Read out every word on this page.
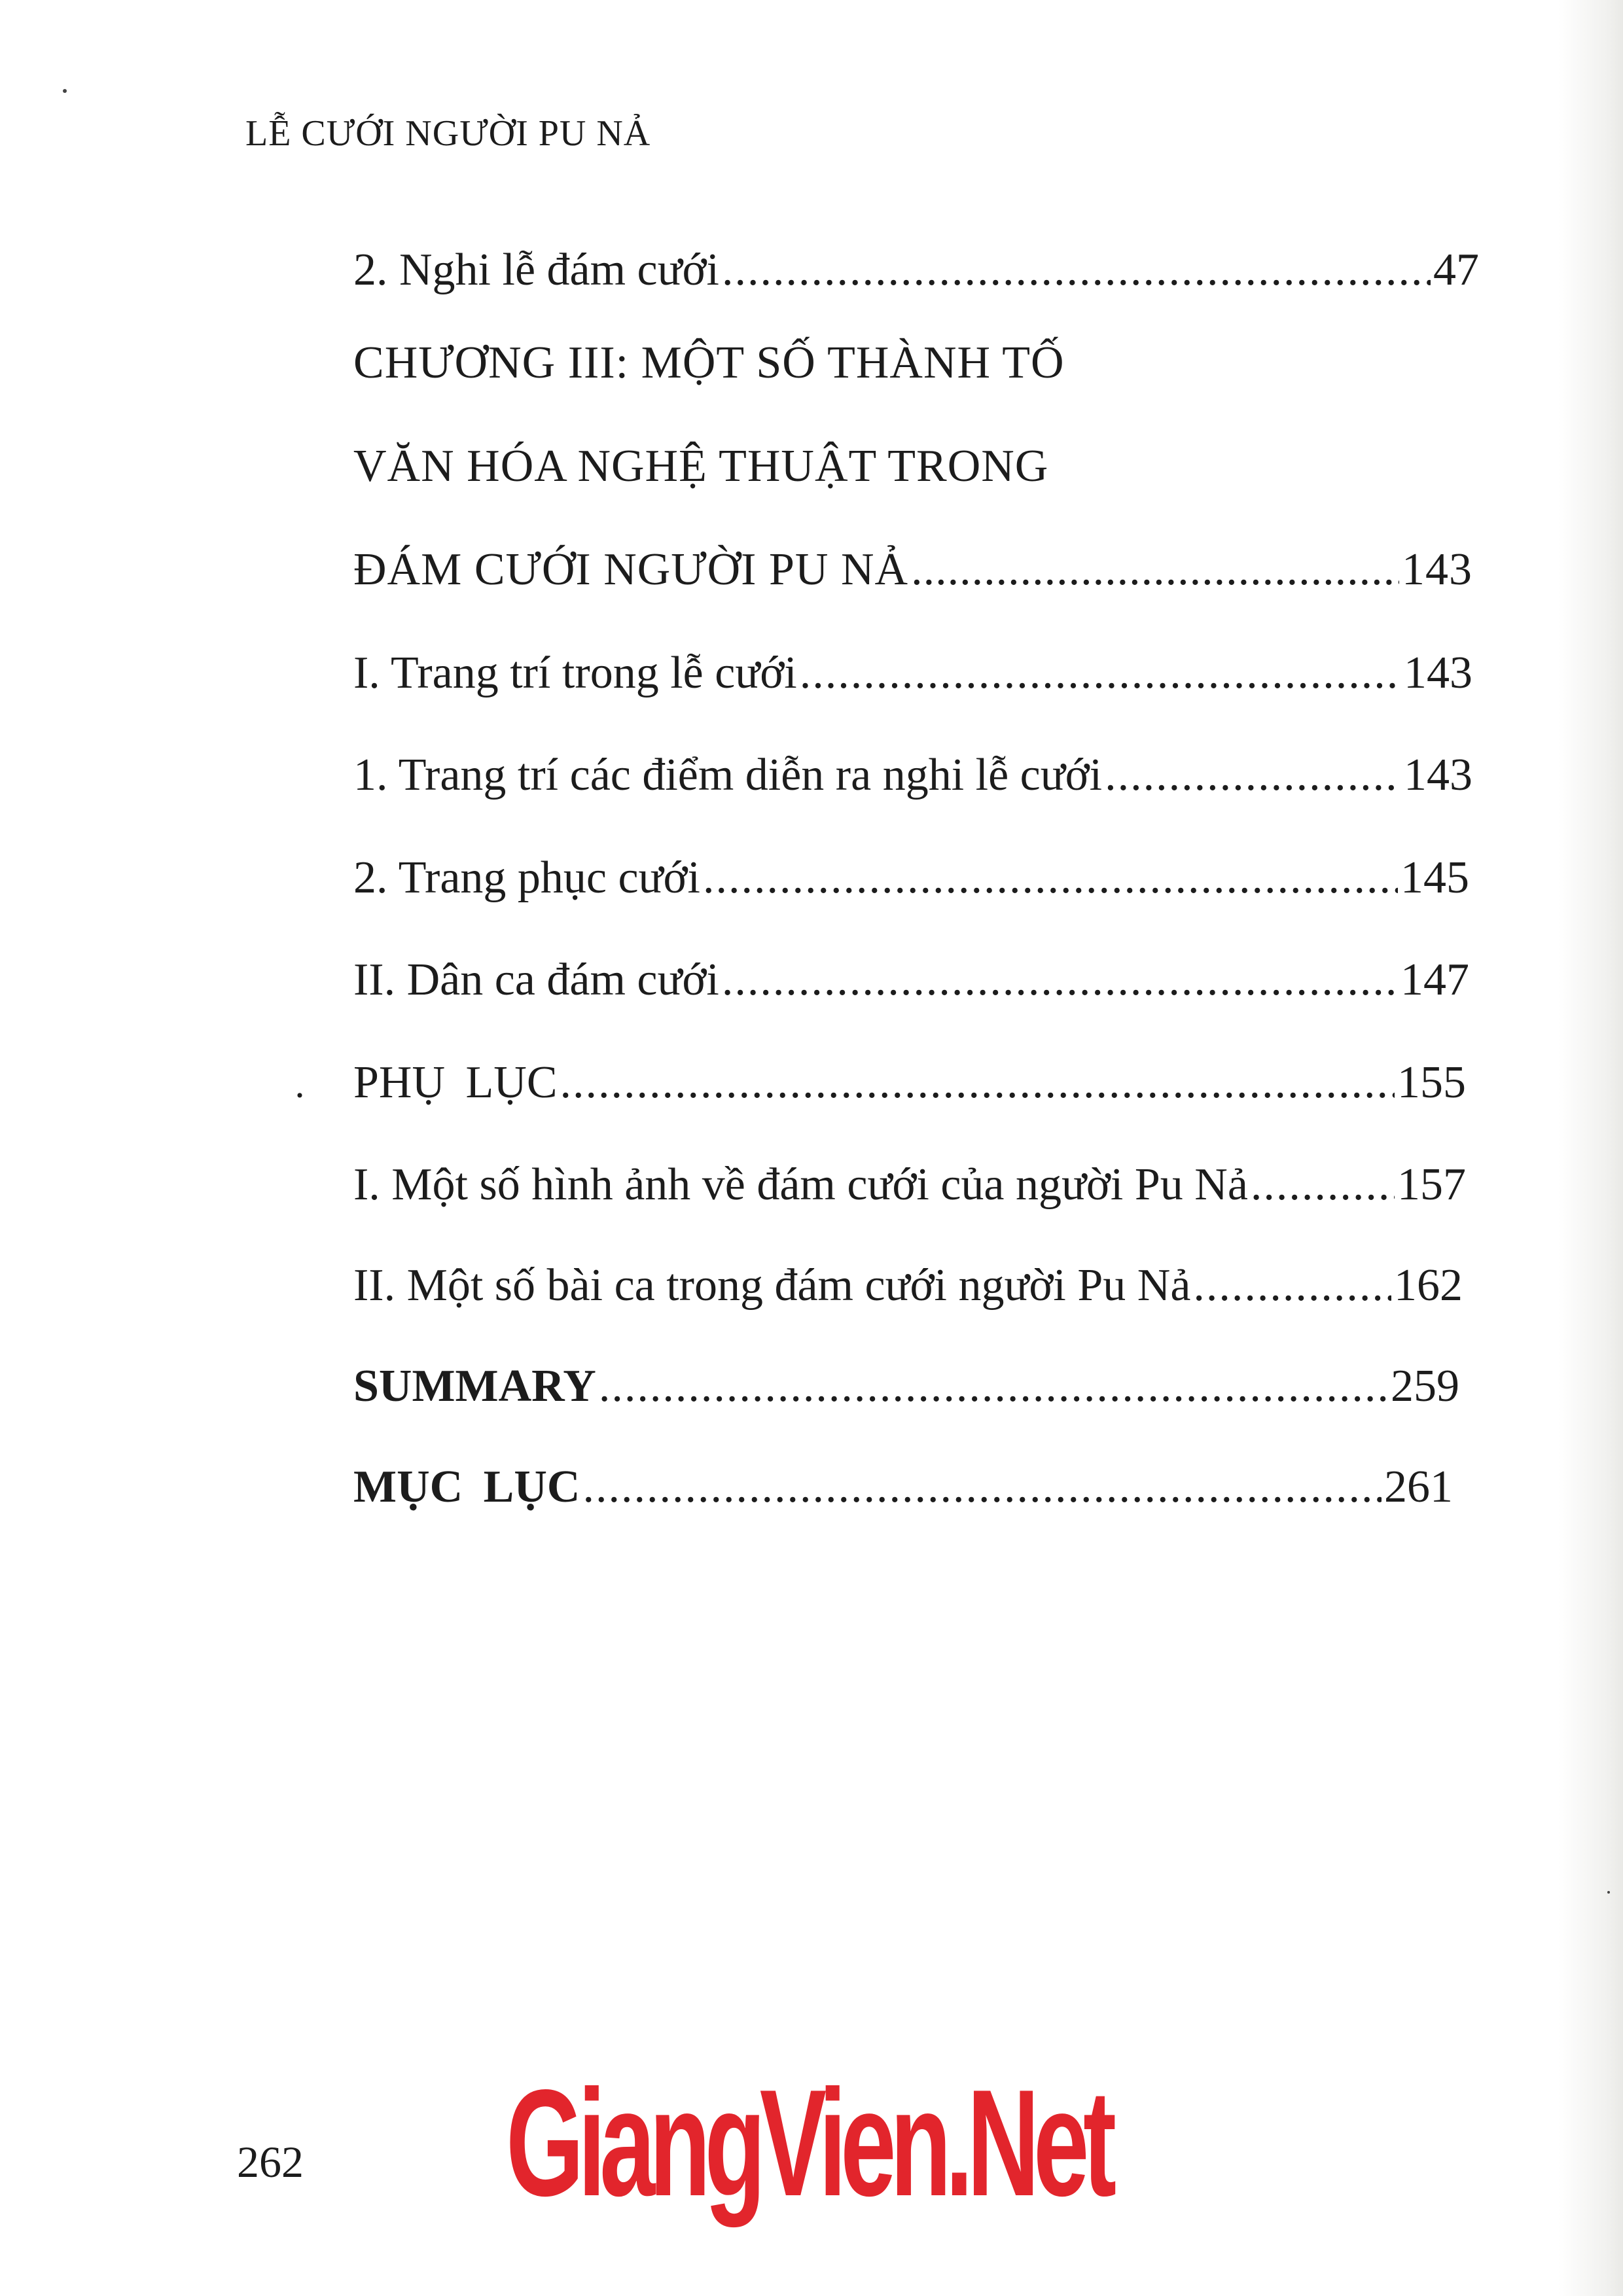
LỄ CƯỚI NGƯỜI PU NẢ
2. Nghi lễ đám cưới .....	47
CHƯƠNG III: MỘT SỐ THÀNH TỐ
VĂN HÓA NGHỆ THUẬT TRONG
ĐÁM CƯỚI NGƯỜI PU NẢ .....	143
I. Trang trí trong lễ cưới .....	143
1. Trang trí các điểm diễn ra nghi lễ cưới .....	143
2. Trang phục cưới .....	145
II. Dân ca đám cưới .....	147
PHỤ LỤC .....	155
I. Một số hình ảnh về đám cưới của người Pu Nả .....	157
II. Một số bài ca trong đám cưới người Pu Nả .....	162
SUMMARY .....	259
MỤC LỤC .....	261
·
262 GiangVien.Net
